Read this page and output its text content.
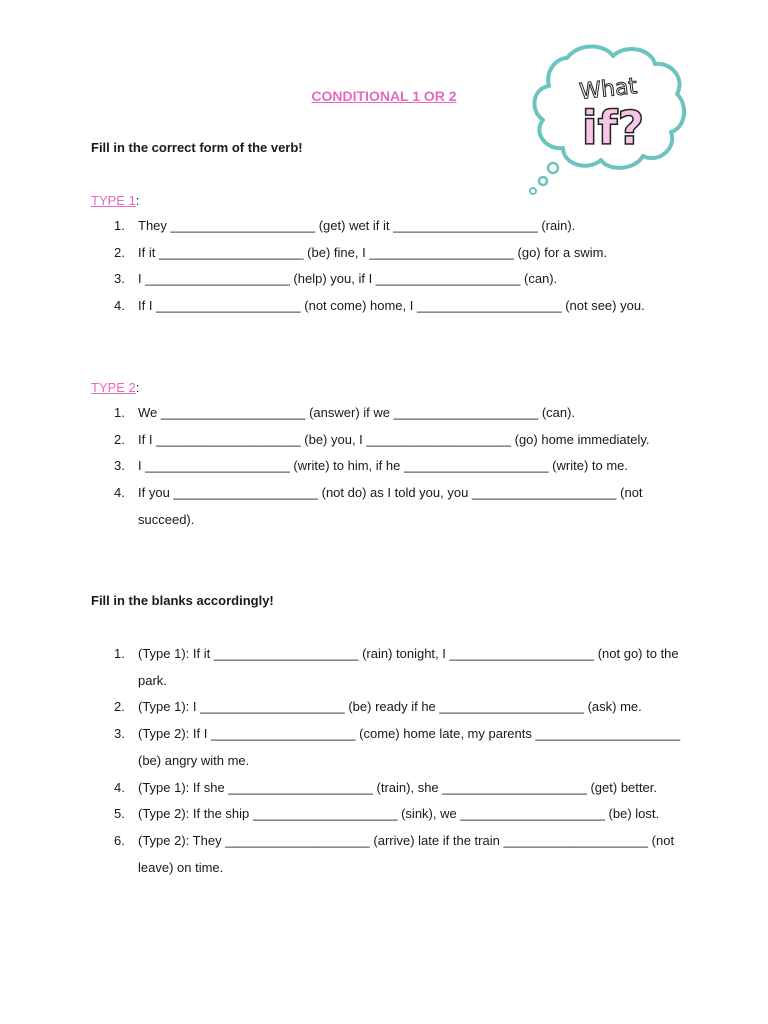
CONDITIONAL 1 OR 2	What
if?
Fill in the correct form of the verb!
TYPE 1:
1. They ____________________ (get) wet if it ____________________ (rain).
2. If it ____________________ (be) fine, I ____________________ (go) for a swim.
3. I ____________________ (help) you, if I ____________________ (can).
4. If I ____________________ (not come) home, I ____________________ (not see) you.
TYPE 2:
1. We ____________________ (answer) if we ____________________ (can).
2. If I ____________________ (be) you, I ____________________ (go) home immediately.
3. I ____________________ (write) to him, if he ____________________ (write) to me.
4. If you ____________________ (not do) as I told you, you ____________________ (not succeed).
Fill in the blanks accordingly!
1. (Type 1): If it ____________________ (rain) tonight, I ____________________ (not go) to the park.
2. (Type 1): I ____________________ (be) ready if he ____________________ (ask) me.
3. (Type 2): If I ____________________ (come) home late, my parents ____________________ (be) angry with me.
4. (Type 1): If she ____________________ (train), she ____________________ (get) better.
5. (Type 2): If the ship ____________________ (sink), we ____________________ (be) lost.
6. (Type 2): They ____________________ (arrive) late if the train ____________________ (not leave) on time.
